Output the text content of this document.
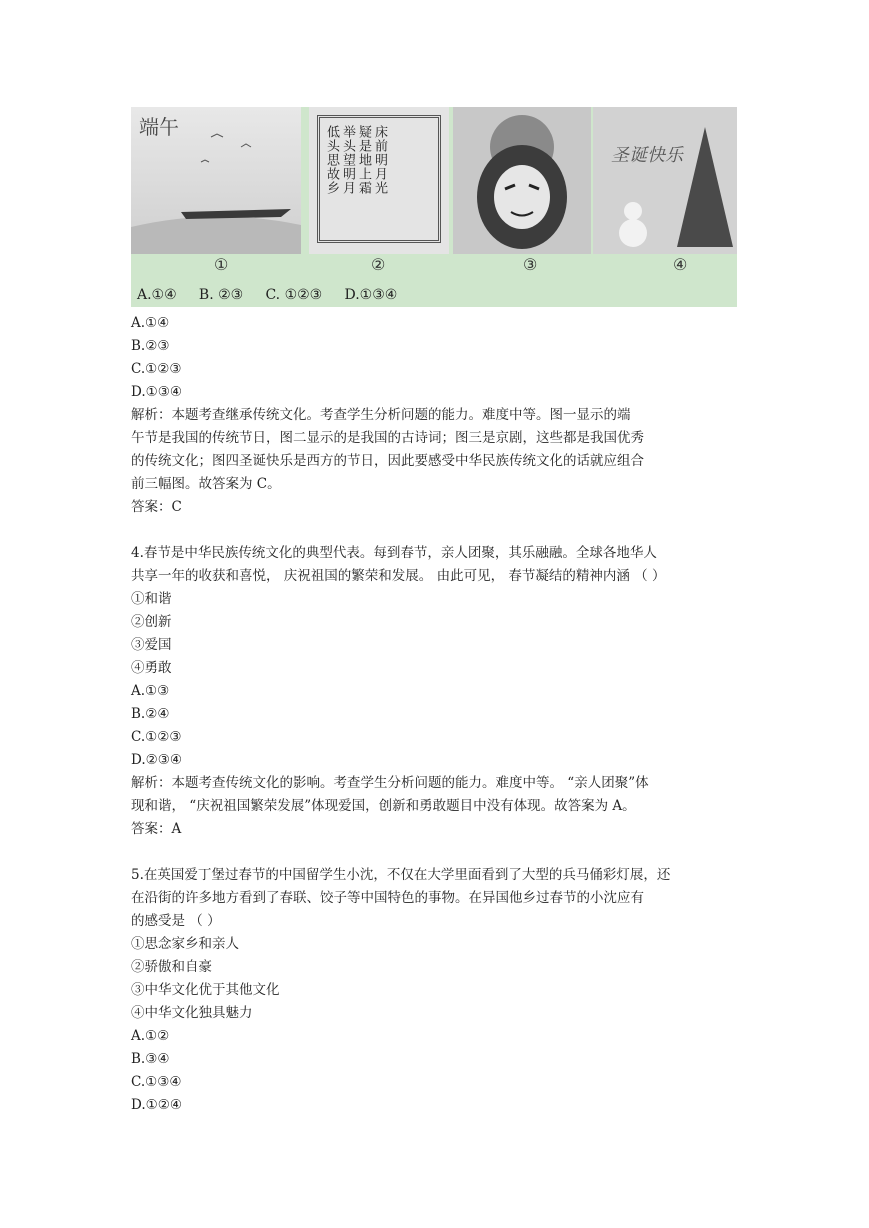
端午	床前明月光疑是地上霜举头望明月低头思故乡	圣诞快乐
①	②	③	④
A.①④     B. ②③     C. ①②③     D.①③④
A.①④
B.②③
C.①②③
D.①③④
解析：本题考查继承传统文化。考查学生分析问题的能力。难度中等。图一显示的端
午节是我国的传统节日，图二显示的是我国的古诗词；图三是京剧，这些都是我国优秀
的传统文化；图四圣诞快乐是西方的节日，因此要感受中华民族传统文化的话就应组合
前三幅图。故答案为 C。
答案：C
4.春节是中华民族传统文化的典型代表。每到春节，亲人团聚，其乐融融。全球各地华人
共享一年的收获和喜悦， 庆祝祖国的繁荣和发展。 由此可见， 春节凝结的精神内涵 （ ）
①和谐
②创新
③爱国
④勇敢
A.①③
B.②④
C.①②③
D.②③④
解析：本题考查传统文化的影响。考查学生分析问题的能力。难度中等。 “亲人团聚”体
现和谐， “庆祝祖国繁荣发展”体现爱国，创新和勇敢题目中没有体现。故答案为 A。
答案：A
5.在英国爱丁堡过春节的中国留学生小沈，不仅在大学里面看到了大型的兵马俑彩灯展，还
在沿街的许多地方看到了春联、饺子等中国特色的事物。在异国他乡过春节的小沈应有
的感受是 （ ）
①思念家乡和亲人
②骄傲和自豪
③中华文化优于其他文化
④中华文化独具魅力
A.①②
B.③④
C.①③④
D.①②④
